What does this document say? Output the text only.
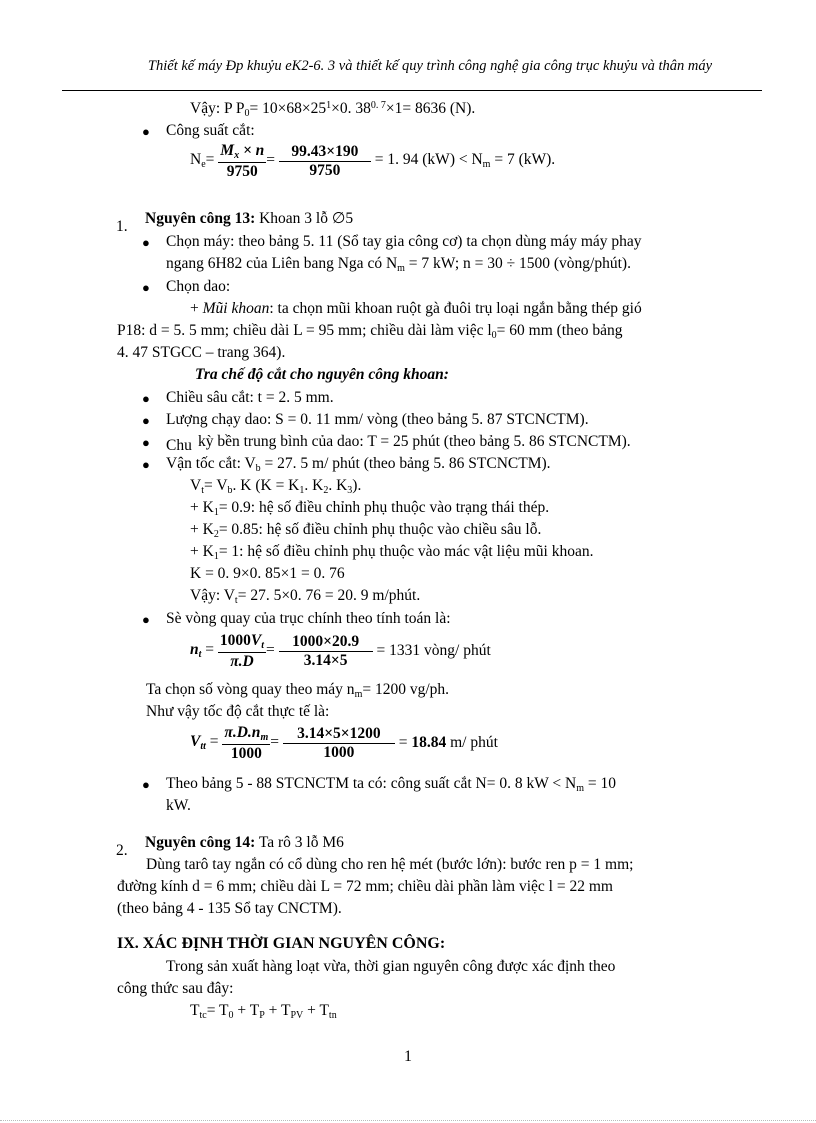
Thiết kế máy Đp khuỷu eK2-6. 3 và thiết kế quy trình công nghệ gia công trục khuỷu và thân máy
Vậy: P $P_0= 10\times 68\times 25^1\times 0$. $38^{0. 7}\times 1= 8636$ (N).
● Công suất cắt:
$N_e= \frac{M_x \times n}{9750} = \frac{99.43\times 190}{9750} = 1$. 94 $(kW) < N_m = 7$ (kW).
1. Nguyên công 13: Khoan 3 lỗ ∅5
● Chọn máy: theo bảng 5. 11 (Sổ tay gia công cơ) ta chọn dùng máy máy phay
ngang 6H82 của Liên bang Nga có $N_m = 7$ kW; n = 30 ÷ 1500 (vòng/phút).
● Chọn dao:
+ Mũi khoan: ta chọn mũi khoan ruột gà đuôi trụ loại ngắn bằng thép gió
P18: d = 5. 5 mm; chiều dài L = 95 mm; chiều dài làm việc $l_0= 60$ mm (theo bảng
4. 47 STGCC – trang 364).
Tra chế độ cắt cho nguyên công khoan:
● Chiều sâu cắt: t = 2. 5 mm.
● Lượng chạy dao: S = 0. 11 mm/ vòng (theo bảng 5. 87 STCNCTM).
● Chu kỳ bền trung bình của dao: T = 25 phút (theo bảng 5. 86 STCNCTM).
● Vận tốc cắt: $V_b = 27$. 5 m/ phút (theo bảng 5. 86 STCNCTM).
$V_t= V_b$. K ($K = K_1$. $K_2$. $K_3$).
+ $K_1= 0.9$: hệ số điều chỉnh phụ thuộc vào trạng thái thép.
+ $K_2= 0.85$: hệ số điều chỉnh phụ thuộc vào chiều sâu lỗ.
+ $K_1= 1$: hệ số điều chỉnh phụ thuộc vào mác vật liệu mũi khoan.
K = 0. 9×0. 85×1 = 0. 76
Vậy: $V_t= 27$. 5×0. 76 = 20. 9 m/phút.
● Sè vòng quay của trục chính theo tính toán là:
$n_t = \frac{1000V_t}{\pi.D} = \frac{1000\times 20.9}{3.14\times 5} = 1331$ vòng/ phút
Ta chọn số vòng quay theo máy $n_m= 1200$ vg/ph.
Như vậy tốc độ cắt thực tế là:
$V_{tt} = \frac{\pi.D.n_m}{1000} = \frac{3.14\times 5\times 1200}{1000} = 18.84$ m/ phút
● Theo bảng 5 - 88 STCNCTM ta có: công suất cắt N= 0. 8 kW < $N_m = 10$
kW.
2. Nguyên công 14: Ta rô 3 lỗ M6
Dùng tarô tay ngắn có cổ dùng cho ren hệ mét (bước lớn): bước ren p = 1 mm;
đường kính d = 6 mm; chiều dài L = 72 mm; chiều dài phần làm việc l = 22 mm
(theo bảng 4 - 135 Sổ tay CNCTM).
IX. XÁC ĐỊNH THỜI GIAN NGUYÊN CÔNG:
Trong sản xuất hàng loạt vừa, thời gian nguyên công được xác định theo
công thức sau đây:
$T_{tc}= T_0 + T_P + T_{PV} + T_{tn}$
1
